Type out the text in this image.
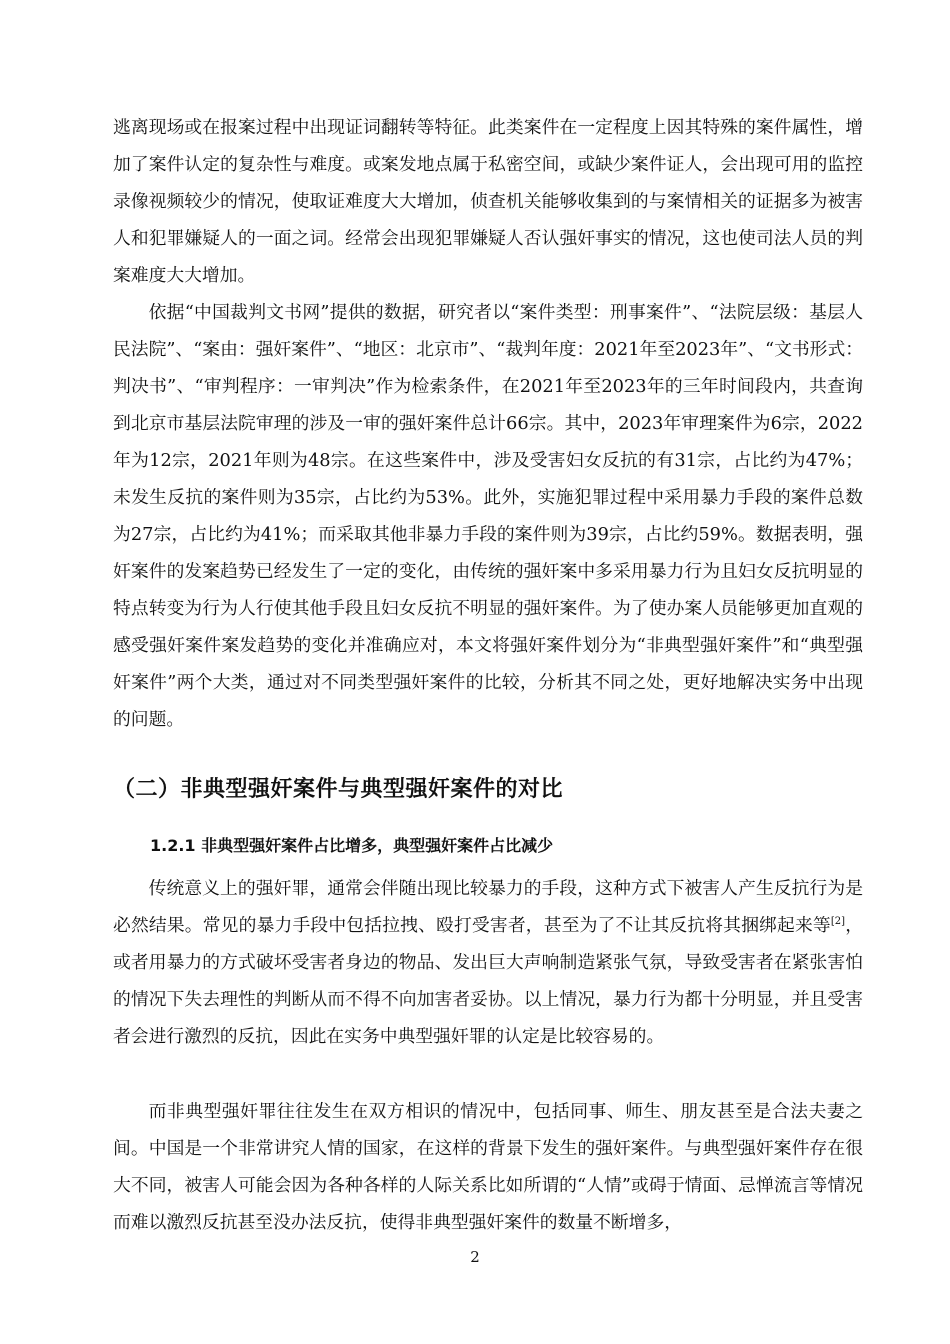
逃离现场或在报案过程中出现证词翻转等特征。此类案件在一定程度上因其特殊的案件属性，增加了案件认定的复杂性与难度。或案发地点属于私密空间，或缺少案件证人，会出现可用的监控录像视频较少的情况，使取证难度大大增加，侦查机关能够收集到的与案情相关的证据多为被害人和犯罪嫌疑人的一面之词。经常会出现犯罪嫌疑人否认强奸事实的情况，这也使司法人员的判案难度大大增加。

依据“中国裁判文书网”提供的数据，研究者以“案件类型：刑事案件”、“法院层级：基层人民法院”、“案由：强奸案件”、“地区：北京市”、“裁判年度：2021年至2023年”、“文书形式：判决书”、“审判程序：一审判决”作为检索条件，在2021年至2023年的三年时间段内，共查询到北京市基层法院审理的涉及一审的强奸案件总计66宗。其中，2023年审理案件为6宗，2022年为12宗，2021年则为48宗。在这些案件中，涉及受害妇女反抗的有31宗，占比约为47%；未发生反抗的案件则为35宗，占比约为53%。此外，实施犯罪过程中采用暴力手段的案件总数为27宗，占比约为41%；而采取其他非暴力手段的案件则为39宗，占比约59%。数据表明，强奸案件的发案趋势已经发生了一定的变化，由传统的强奸案中多采用暴力行为且妇女反抗明显的特点转变为行为人行使其他手段且妇女反抗不明显的强奸案件。为了使办案人员能够更加直观的感受强奸案件案发趋势的变化并准确应对，本文将强奸案件划分为“非典型强奸案件”和“典型强奸案件”两个大类，通过对不同类型强奸案件的比较，分析其不同之处，更好地解决实务中出现的问题。

（二）非典型强奸案件与典型强奸案件的对比
1.2.1 非典型强奸案件占比增多，典型强奸案件占比减少

传统意义上的强奸罪，通常会伴随出现比较暴力的手段，这种方式下被害人产生反抗行为是必然结果。常见的暴力手段中包括拉拽、殴打受害者，甚至为了不让其反抗将其捆绑起来等[2]，或者用暴力的方式破坏受害者身边的物品、发出巨大声响制造紧张气氛，导致受害者在紧张害怕的情况下失去理性的判断从而不得不向加害者妥协。以上情况，暴力行为都十分明显，并且受害者会进行激烈的反抗，因此在实务中典型强奸罪的认定是比较容易的。

而非典型强奸罪往往发生在双方相识的情况中，包括同事、师生、朋友甚至是合法夫妻之间。中国是一个非常讲究人情的国家，在这样的背景下发生的强奸案件。与典型强奸案件存在很大不同，被害人可能会因为各种各样的人际关系比如所谓的“人情”或碍于情面、忌惮流言等情况而难以激烈反抗甚至没办法反抗，使得非典型强奸案件的数量不断增多，

2
